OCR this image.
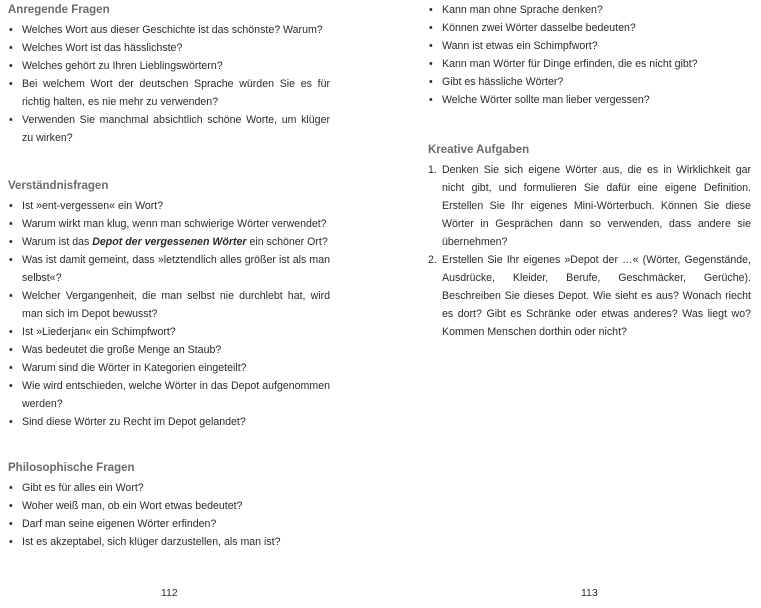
Anregende Fragen
• Welches Wort aus dieser Geschichte ist das schönste? Warum?
• Welches Wort ist das hässlichste?
• Welches gehört zu Ihren Lieblingswörtern?
• Bei welchem Wort der deutschen Sprache würden Sie es für richtig halten, es nie mehr zu verwenden?
• Verwenden Sie manchmal absichtlich schöne Worte, um klüger zu wirken?
Verständnisfragen
• Ist »ent-vergessen« ein Wort?
• Warum wirkt man klug, wenn man schwierige Wörter verwendet?
• Warum ist das Depot der vergessenen Wörter ein schöner Ort?
• Was ist damit gemeint, dass »letztendlich alles größer ist als man selbst«?
• Welcher Vergangenheit, die man selbst nie durchlebt hat, wird man sich im Depot bewusst?
• Ist »Liederjan« ein Schimpfwort?
• Was bedeutet die große Menge an Staub?
• Warum sind die Wörter in Kategorien eingeteilt?
• Wie wird entschieden, welche Wörter in das Depot aufgenommen werden?
• Sind diese Wörter zu Recht im Depot gelandet?
Philosophische Fragen
• Gibt es für alles ein Wort?
• Woher weiß man, ob ein Wort etwas bedeutet?
• Darf man seine eigenen Wörter erfinden?
• Ist es akzeptabel, sich klüger darzustellen, als man ist?
112
• Kann man ohne Sprache denken?
• Können zwei Wörter dasselbe bedeuten?
• Wann ist etwas ein Schimpfwort?
• Kann man Wörter für Dinge erfinden, die es nicht gibt?
• Gibt es hässliche Wörter?
• Welche Wörter sollte man lieber vergessen?
Kreative Aufgaben
1. Denken Sie sich eigene Wörter aus, die es in Wirklichkeit gar nicht gibt, und formulieren Sie dafür eine eigene Definition. Erstellen Sie Ihr eigenes Mini-Wörterbuch. Können Sie diese Wörter in Gesprächen dann so verwenden, dass andere sie übernehmen?
2. Erstellen Sie Ihr eigenes »Depot der …« (Wörter, Gegenstände, Ausdrücke, Kleider, Berufe, Geschmäcker, Gerüche). Beschreiben Sie dieses Depot. Wie sieht es aus? Wonach riecht es dort? Gibt es Schränke oder etwas anderes? Was liegt wo? Kommen Menschen dorthin oder nicht?
113
